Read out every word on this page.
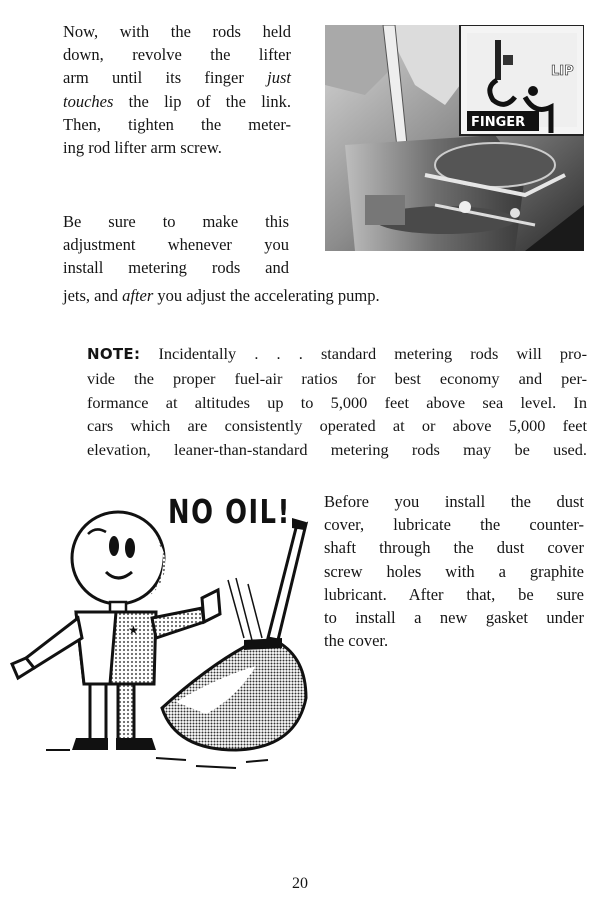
Now, with the rods held
down, revolve the lifter
arm until its finger just
touches the lip of the link.
Then, tighten the meter-
ing rod lifter arm screw.
Be sure to make this
adjustment whenever you
install metering rods and
jets, and after you adjust the accelerating pump.
FINGER
LIP
NOTE: Incidentally . . . standard metering rods will pro-
vide the proper fuel-air ratios for best economy and per-
formance at altitudes up to 5,000 feet above sea level. In
cars which are consistently operated at or above 5,000 feet
elevation, leaner-than-standard metering rods may be used.
★
NO OIL! Before you install the dust
cover, lubricate the counter-
shaft through the dust cover
screw holes with a graphite
lubricant. After that, be sure
to install a new gasket under
the cover.
20
